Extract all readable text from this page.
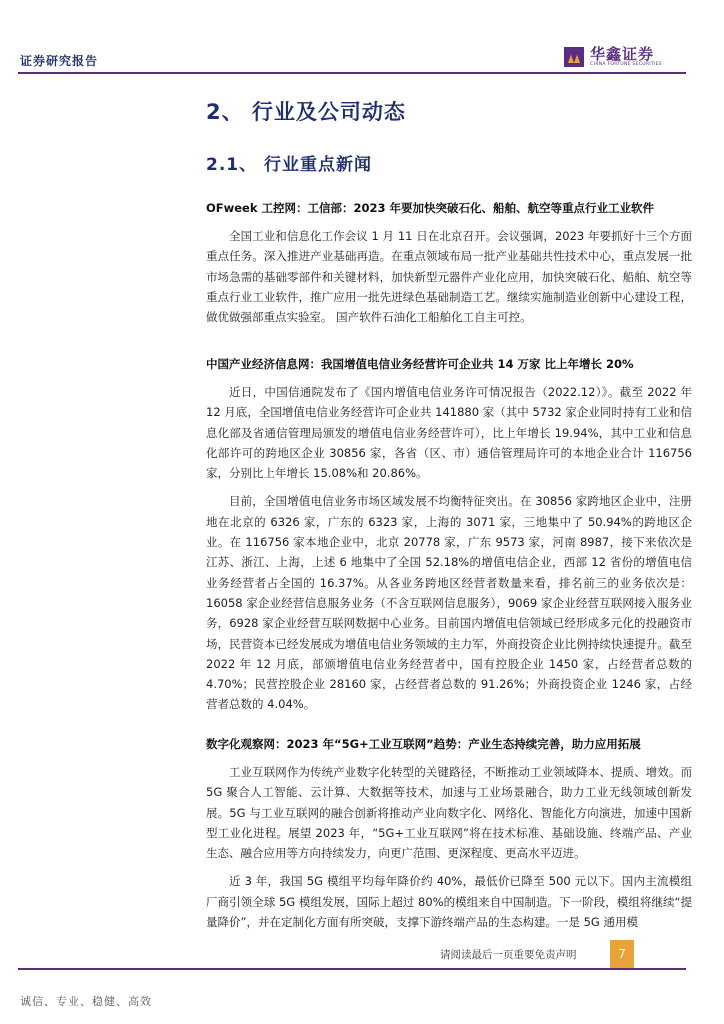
证券研究报告	华鑫证券
CHINA FORTUNE SECURITIES
2、 行业及公司动态
2.1、 行业重点新闻
OFweek 工控网：工信部：2023 年要加快突破石化、船舶、航空等重点行业工业软件

全国工业和信息化工作会议 1 月 11 日在北京召开。会议强调，2023 年要抓好十三个方面重点任务。深入推进产业基础再造。在重点领域布局一批产业基础共性技术中心，重点发展一批市场急需的基础零部件和关键材料，加快新型元器件产业化应用，加快突破石化、船舶、航空等重点行业工业软件，推广应用一批先进绿色基础制造工艺。继续实施制造业创新中心建设工程，做优做强部重点实验室。 国产软件石油化工船舶化工自主可控。

中国产业经济信息网：我国增值电信业务经营许可企业共 14 万家 比上年增长 20%

近日，中国信通院发布了《国内增值电信业务许可情况报告（2022.12）》。截至 2022 年 12 月底，全国增值电信业务经营许可企业共 141880 家（其中 5732 家企业同时持有工业和信息化部及省通信管理局颁发的增值电信业务经营许可），比上年增长 19.94%，其中工业和信息化部许可的跨地区企业 30856 家，各省（区、市）通信管理局许可的本地企业合计 116756 家，分别比上年增长 15.08%和 20.86%。

目前，全国增值电信业务市场区域发展不均衡特征突出。在 30856 家跨地区企业中，注册地在北京的 6326 家，广东的 6323 家，上海的 3071 家，三地集中了 50.94%的跨地区企业。在 116756 家本地企业中，北京 20778 家，广东 9573 家，河南 8987，接下来依次是江苏、浙江、上海，上述 6 地集中了全国 52.18%的增值电信企业，西部 12 省份的增值电信业务经营者占全国的 16.37%。从各业务跨地区经营者数量来看，排名前三的业务依次是：16058 家企业经营信息服务业务（不含互联网信息服务），9069 家企业经营互联网接入服务业务，6928 家企业经营互联网数据中心业务。目前国内增值电信领域已经形成多元化的投融资市场，民营资本已经发展成为增值电信业务领域的主力军，外商投资企业比例持续快速提升。截至 2022 年 12 月底，部颁增值电信业务经营者中，国有控股企业 1450 家，占经营者总数的 4.70%；民营控股企业 28160 家，占经营者总数的 91.26%；外商投资企业 1246 家，占经营者总数的 4.04%。

数字化观察网：2023 年“5G+工业互联网”趋势：产业生态持续完善，助力应用拓展

工业互联网作为传统产业数字化转型的关键路径，不断推动工业领域降本、提质、增效。而 5G 聚合人工智能、云计算、大数据等技术，加速与工业场景融合，助力工业无线领域创新发展。5G 与工业互联网的融合创新将推动产业向数字化、网络化、智能化方向演进，加速中国新型工业化进程。展望 2023 年，“5G+工业互联网”将在技术标准、基础设施、终端产品、产业生态、融合应用等方向持续发力，向更广范围、更深程度、更高水平迈进。

近 3 年，我国 5G 模组平均每年降价约 40%，最低价已降至 500 元以下。国内主流模组厂商引领全球 5G 模组发展，国际上超过 80%的模组来自中国制造。下一阶段，模组将继续“提量降价”，并在定制化方面有所突破，支撑下游终端产品的生态构建。一是 5G 通用模

请阅读最后一页重要免责声明	7
诚信、专业、稳健、高效
